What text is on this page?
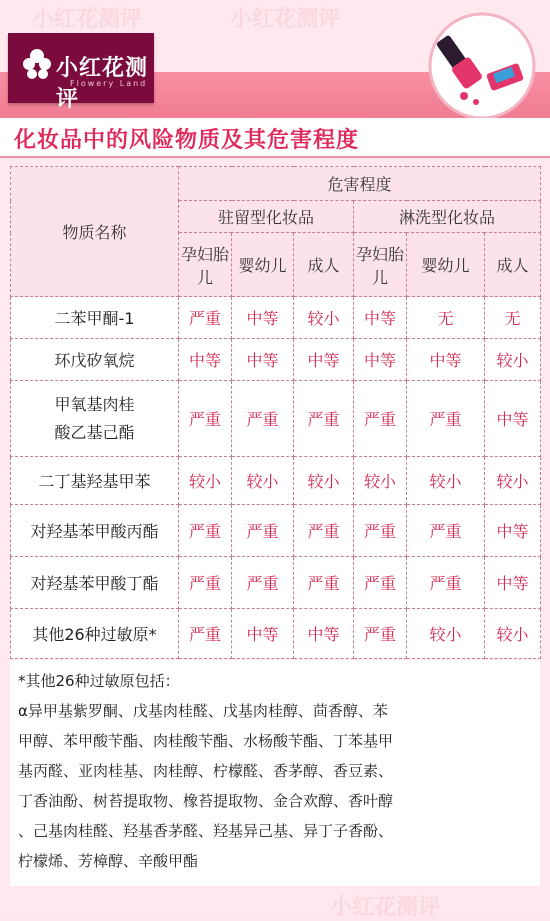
小红花测评	小红花测评
小红花测评
小红花测评
Flowery Land
化妆品中的风险物质及其危害程度
物质名称	危害程度					
	驻留型化妆品			淋洗型化妆品		
	孕妇胎儿	婴幼儿	成人	孕妇胎儿	婴幼儿	成人
二苯甲酮-1	严重	中等	较小	中等	无	无
环戊矽氧烷	中等	中等	中等	中等	中等	较小

甲氧基肉桂酸乙基己酯	严重	严重	严重	严重	严重	中等
二丁基羟基甲苯	较小	较小	较小	较小	较小	较小
对羟基苯甲酸丙酯	严重	严重	严重	严重	严重	中等
对羟基苯甲酸丁酯	严重	严重	严重	严重	严重	中等
其他26种过敏原*	严重	中等	中等	严重	较小	较小
*其他26种过敏原包括：
α异甲基紫罗酮、戊基肉桂醛、戊基肉桂醇、茴香醇、苯
甲醇、苯甲酸苄酯、肉桂酸苄酯、水杨酸苄酯、丁苯基甲
基丙醛、亚肉桂基、肉桂醇、柠檬醛、香茅醇、香豆素、
丁香油酚、树苔提取物、橡苔提取物、金合欢醇、香叶醇
、己基肉桂醛、羟基香茅醛、羟基异己基、异丁子香酚、
柠檬烯、芳樟醇、辛酸甲酯
